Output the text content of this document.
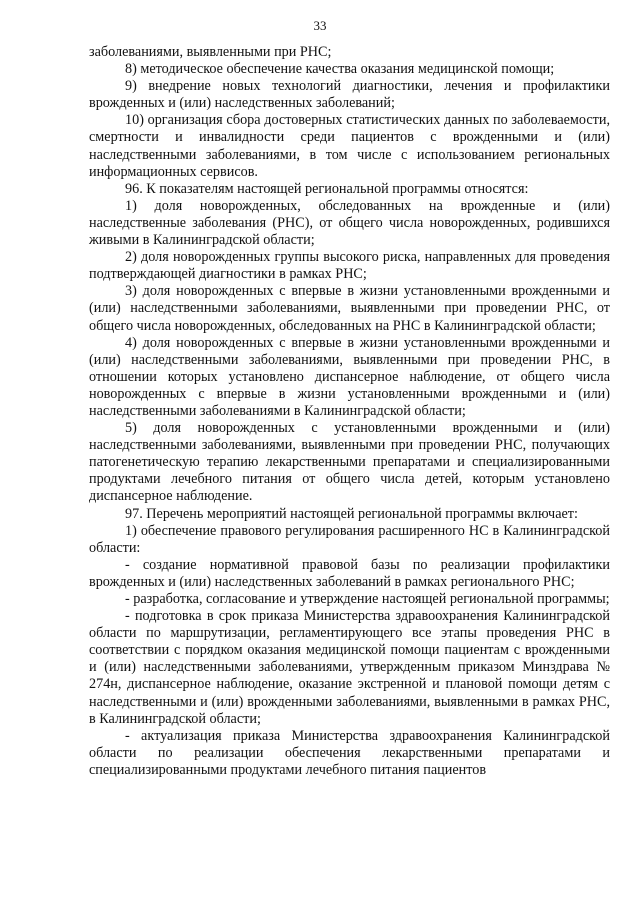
33

заболеваниями, выявленными при РНС;

8) методическое обеспечение качества оказания медицинской помощи;

9) внедрение новых технологий диагностики, лечения и профилактики врожденных и (или) наследственных заболеваний;

10) организация сбора достоверных статистических данных по заболеваемости, смертности и инвалидности среди пациентов с врожденными и (или) наследственными заболеваниями, в том числе с использованием региональных информационных сервисов.

96. К показателям настоящей региональной программы относятся:

1) доля новорожденных, обследованных на врожденные и (или) наследственные заболевания (РНС), от общего числа новорожденных, родившихся живыми в Калининградской области;

2) доля новорожденных группы высокого риска, направленных для проведения подтверждающей диагностики в рамках РНС;

3) доля новорожденных с впервые в жизни установленными врожденными и (или) наследственными заболеваниями, выявленными при проведении РНС, от общего числа новорожденных, обследованных на РНС в Калининградской области;

4) доля новорожденных с впервые в жизни установленными врожденными и (или) наследственными заболеваниями, выявленными при проведении РНС, в отношении которых установлено диспансерное наблюдение, от общего числа новорожденных с впервые в жизни установленными врожденными и (или) наследственными заболеваниями в Калининградской области;

5) доля новорожденных с установленными врожденными и (или) наследственными заболеваниями, выявленными при проведении РНС, получающих патогенетическую терапию лекарственными препаратами и специализированными продуктами лечебного питания от общего числа детей, которым установлено диспансерное наблюдение.

97. Перечень мероприятий настоящей региональной программы включает:

1) обеспечение правового регулирования расширенного НС в Калининградской области:

- создание нормативной правовой базы по реализации профилактики врожденных и (или) наследственных заболеваний в рамках регионального РНС;

- разработка, согласование и утверждение настоящей региональной программы;

- подготовка в срок приказа Министерства здравоохранения Калининградской области по маршрутизации, регламентирующего все этапы проведения РНС в соответствии с порядком оказания медицинской помощи пациентам с врожденными и (или) наследственными заболеваниями, утвержденным приказом Минздрава № 274н, диспансерное наблюдение, оказание экстренной и плановой помощи детям с наследственными и (или) врожденными заболеваниями, выявленными в рамках РНС, в Калининградской области;

- актуализация приказа Министерства здравоохранения Калининградской области по реализации обеспечения лекарственными препаратами и специализированными продуктами лечебного питания пациентов
